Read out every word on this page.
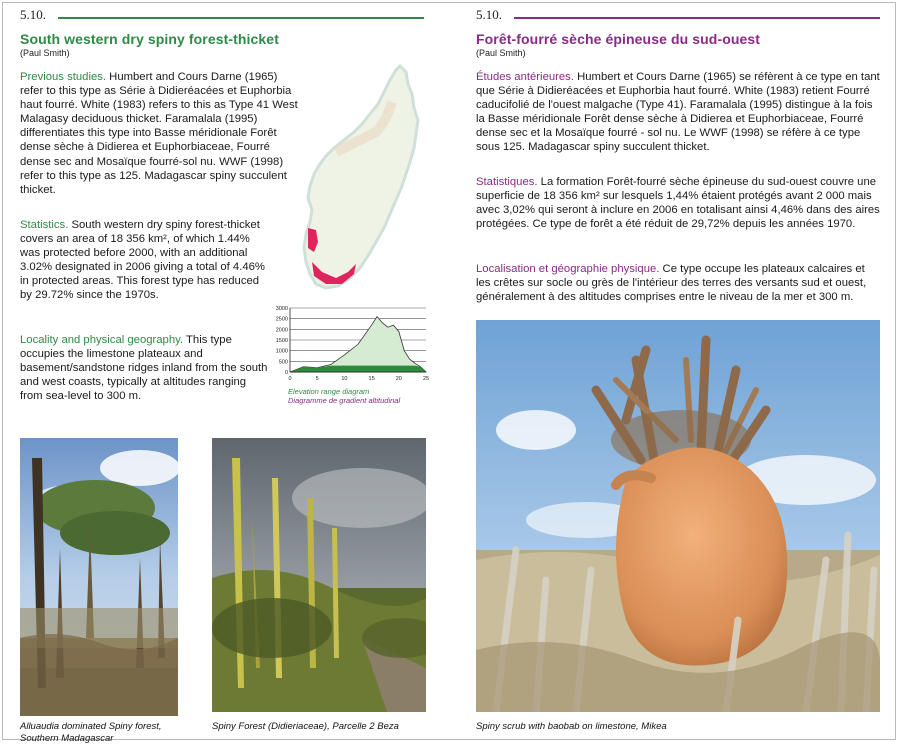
5.10.
South western dry spiny forest-thicket
(Paul Smith)

Previous studies. Humbert and Cours Darne (1965) refer to this type as Série à Didieréacées et Euphorbia haut fourré. White (1983) refers to this as Type 41 West Malagasy deciduous thicket. Faramalala (1995) differentiates this type into Basse méridionale Forêt dense sèche à Didierea et Euphorbiaceae, Fourré dense sec and Mosaïque fourré-sol nu. WWF (1998) refer to this type as 125. Madagascar spiny succulent thicket.

Statistics. South western dry spiny forest-thicket covers an area of 18 356 km², of which 1.44% was protected before 2000, with an additional 3.02% designated in 2006 giving a total of 4.46% in protected areas. This forest type has reduced by 29.72% since the 1970s.

Locality and physical geography. This type occupies the limestone plateaux and basement/sandstone ridges inland from the south and west coasts, typically at altitudes ranging from sea-level to 300 m.

0
500
1000
1500
2000
2500
3000
0	5	10	15	20	25
Elevation range diagram
Diagramme de gradient altitudinal
Alluaudia dominated Spiny forest,
Southern Madagascar
Spiny Forest (Didieriaceae), Parcelle 2 Beza
5.10.
Forêt-fourré sèche épineuse du sud-ouest
(Paul Smith)

Études antérieures. Humbert et Cours Darne (1965) se réfèrent à ce type en tant que Série à Didieréacées et Euphorbia haut fourré. White (1983) retient Fourré caducifolié de l'ouest malgache (Type 41). Faramalala (1995) distingue à la fois la Basse méridionale Forêt dense sèche à Didierea et Euphorbiaceae, Fourré dense sec et la Mosaïque fourré - sol nu. Le WWF (1998) se réfère à ce type sous 125. Madagascar spiny succulent thicket.

Statistiques. La formation Forêt-fourré sèche épineuse du sud-ouest couvre une superficie de 18 356 km² sur lesquels 1,44% étaient protégés avant 2 000 mais avec 3,02% qui seront à inclure en 2006 en totalisant ainsi 4,46% dans des aires protégées. Ce type de forêt a été réduit de 29,72% depuis les années 1970.

Localisation et géographie physique. Ce type occupe les plateaux calcaires et les crêtes sur socle ou grès de l'intérieur des terres des versants sud et ouest, généralement à des altitudes comprises entre le niveau de la mer et 300 m.

Spiny scrub with baobab on limestone, Mikea
